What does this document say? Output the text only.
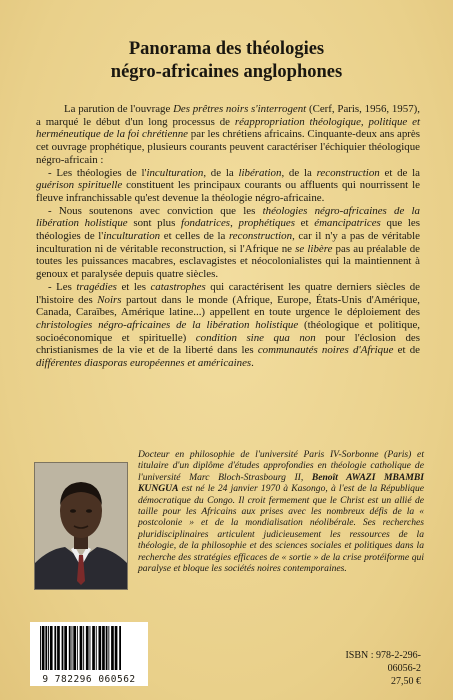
Panorama des théologies
négro-africaines anglophones

La parution de l'ouvrage Des prêtres noirs s'interrogent (Cerf, Paris, 1956, 1957), a marqué le début d'un long processus de réappropriation théologique, politique et herméneutique de la foi chrétienne par les chrétiens africains. Cinquante-deux ans après cet ouvrage prophétique, plusieurs courants peuvent caractériser l'échiquier théologique négro-africain :

- Les théologies de l'inculturation, de la libération, de la reconstruction et de la guérison spirituelle constituent les principaux courants ou affluents qui nourrissent le fleuve infranchissable qu'est devenue la théologie négro-africaine.

- Nous soutenons avec conviction que les théologies négro-africaines de la libération holistique sont plus fondatrices, prophétiques et émancipatrices que les théologies de l'inculturation et celles de la reconstruction, car il n'y a pas de véritable inculturation ni de véritable reconstruction, si l'Afrique ne se libère pas au préalable de toutes les puissances macabres, esclavagistes et néocolonialistes qui la maintiennent à genoux et paralysée depuis quatre siècles.

- Les tragédies et les catastrophes qui caractérisent les quatre derniers siècles de l'histoire des Noirs partout dans le monde (Afrique, Europe, États-Unis d'Amérique, Canada, Caraïbes, Amérique latine...) appellent en toute urgence le déploiement des christologies négro-africaines de la libération holistique (théologique et politique, socioéconomique et spirituelle) condition sine qua non pour l'éclosion des christianismes de la vie et de la liberté dans les communautés noires d'Afrique et de différentes diasporas européennes et américaines.

Docteur en philosophie de l'université Paris IV-Sorbonne (Paris) et titulaire d'un diplôme d'études approfondies en théologie catholique de l'université Marc Bloch-Strasbourg II, Benoît AWAZI MBAMBI KUNGUA est né le 24 janvier 1970 à Kasongo, à l'est de la République démocratique du Congo. Il croit fermement que le Christ est un allié de taille pour les Africains aux prises avec les nombreux défis de la « postcolonie » et de la mondialisation néolibérale. Ses recherches pluridisciplinaires articulent judicieusement les ressources de la théologie, de la philosophie et des sciences sociales et politiques dans la recherche des stratégies efficaces de « sortie » de la crise protéiforme qui paralyse et bloque les sociétés noires contemporaines.
9 782296 060562
ISBN : 978-2-296-06056-2
27,50 €
